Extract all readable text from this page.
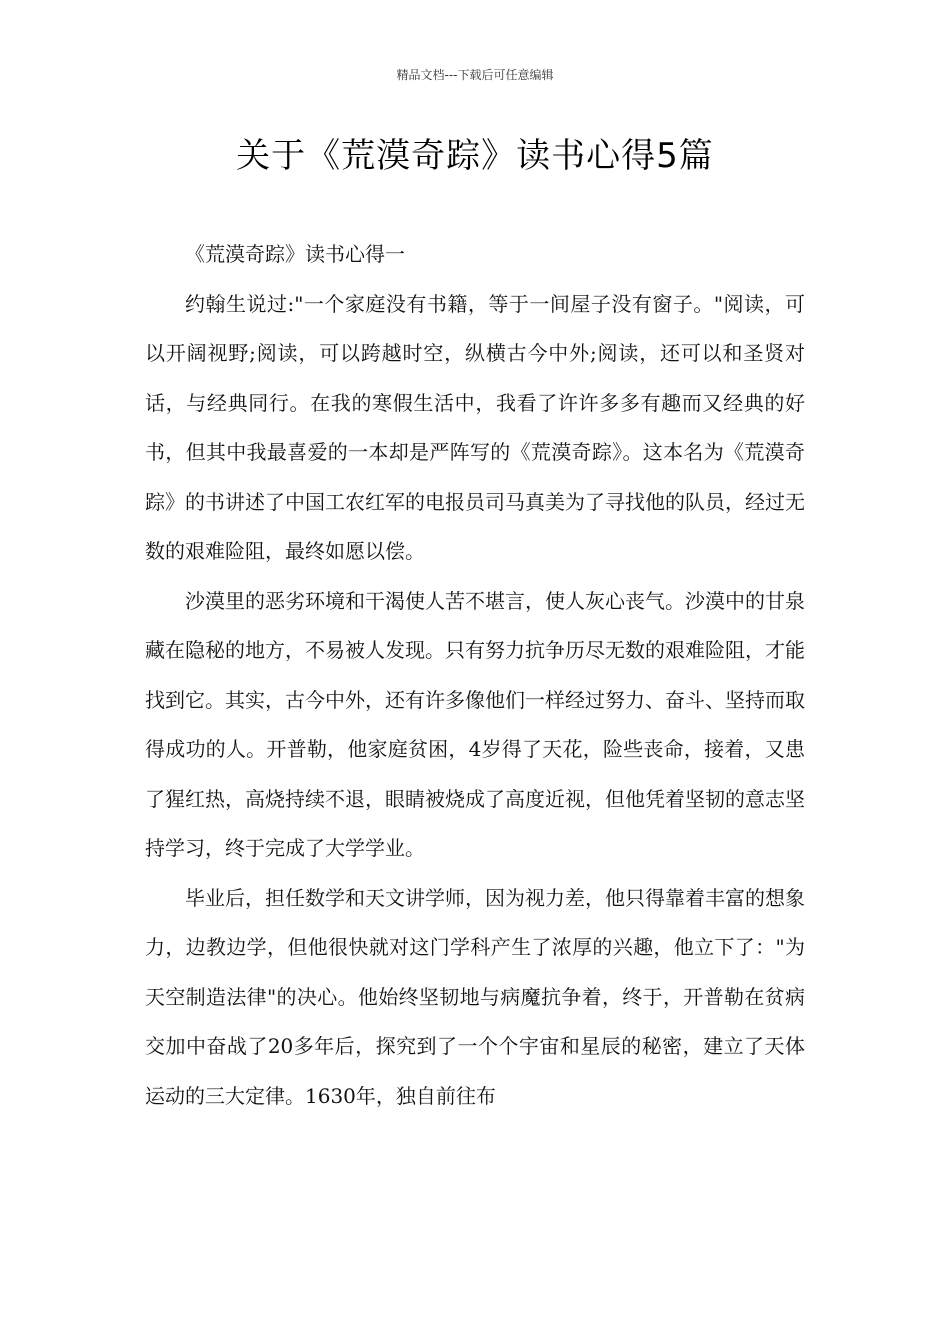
精品文档---下载后可任意编辑
关于《荒漠奇踪》读书心得5篇

《荒漠奇踪》读书心得一

约翰生说过:"一个家庭没有书籍，等于一间屋子没有窗子。"阅读，可以开阔视野;阅读，可以跨越时空，纵横古今中外;阅读，还可以和圣贤对话，与经典同行。在我的寒假生活中，我看了许许多多有趣而又经典的好书，但其中我最喜爱的一本却是严阵写的《荒漠奇踪》。这本名为《荒漠奇踪》的书讲述了中国工农红军的电报员司马真美为了寻找他的队员，经过无数的艰难险阻，最终如愿以偿。

沙漠里的恶劣环境和干渴使人苦不堪言，使人灰心丧气。沙漠中的甘泉藏在隐秘的地方，不易被人发现。只有努力抗争历尽无数的艰难险阻，才能找到它。其实，古今中外，还有许多像他们一样经过努力、奋斗、坚持而取得成功的人。开普勒，他家庭贫困，4岁得了天花，险些丧命，接着，又患了猩红热，高烧持续不退，眼睛被烧成了高度近视，但他凭着坚韧的意志坚持学习，终于完成了大学学业。

毕业后，担任数学和天文讲学师，因为视力差，他只得靠着丰富的想象力，边教边学，但他很快就对这门学科产生了浓厚的兴趣，他立下了："为天空制造法律"的决心。他始终坚韧地与病魔抗争着，终于，开普勒在贫病交加中奋战了20多年后，探究到了一个个宇宙和星辰的秘密，建立了天体运动的三大定律。1630年，独自前往布
